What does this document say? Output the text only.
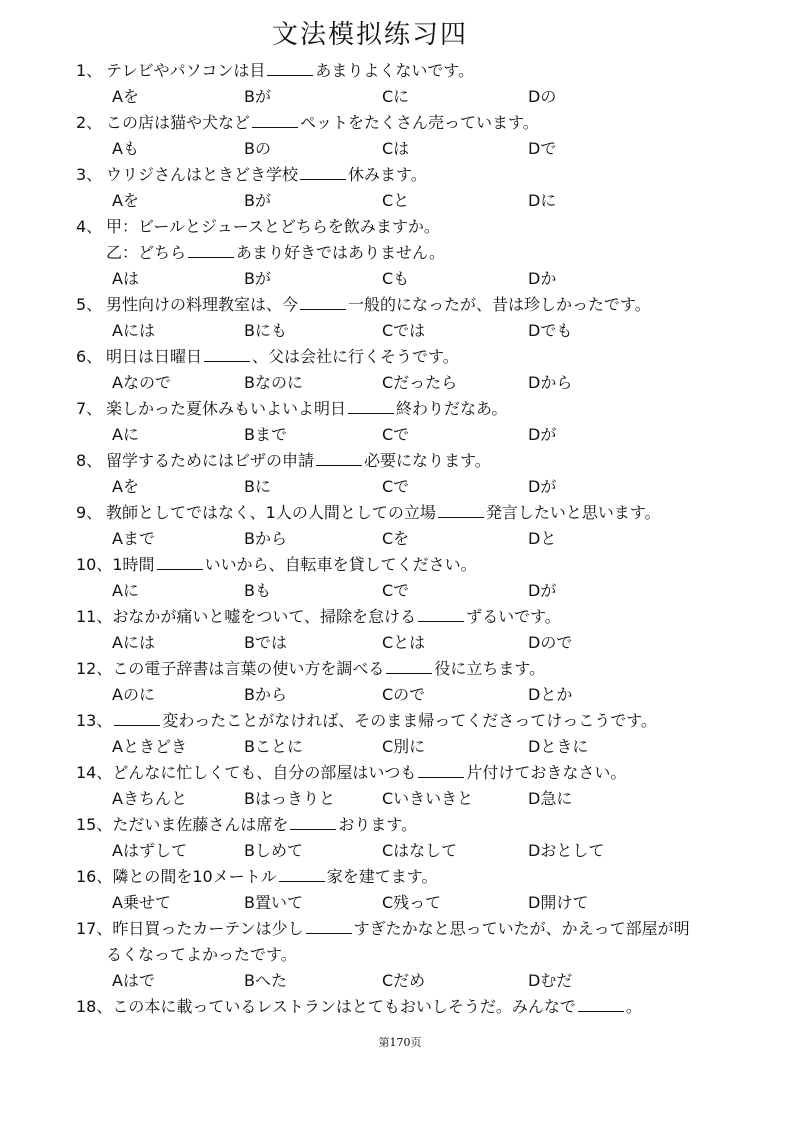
文法模拟练习四
1、 テレビやパソコンは目	あまりよくないです。
Aを	Bが	Cに	Dの
2、 この店は猫や犬など	ペットをたくさん売っています。
Aも	Bの	Cは	Dで
3、 ウリジさんはときどき学校	休みます。
Aを	Bが	Cと	Dに
4、 甲：ビールとジュースとどちらを飲みますか。
乙：どちら	あまり好きではありません。
Aは	Bが	Cも	Dか
5、 男性向けの料理教室は、今	一般的になったが、昔は珍しかったです。
Aには	Bにも	Cでは	Dでも
6、 明日は日曜日	、父は会社に行くそうです。
Aなので	Bなのに	Cだったら	Dから
7、 楽しかった夏休みもいよいよ明日	終わりだなあ。
Aに	Bまで	Cで	Dが
8、 留学するためにはビザの申請	必要になります。
Aを	Bに	Cで	Dが
9、 教師としてではなく、1人の人間としての立場	発言したいと思います。
Aまで	Bから	Cを	Dと
10、1時間	いいから、自転車を貸してください。
Aに	Bも	Cで	Dが
11、おなかが痛いと嘘をついて、掃除を怠ける	ずるいです。
Aには	Bでは	Cとは	Dので
12、この電子辞書は言葉の使い方を調べる	役に立ちます。
Aのに	Bから	Cので	Dとか
13、	変わったことがなければ、そのまま帰ってくださってけっこうです。
Aときどき	Bことに	C別に	Dときに
14、どんなに忙しくても、自分の部屋はいつも	片付けておきなさい。
Aきちんと	Bはっきりと	Cいきいきと	D急に
15、ただいま佐藤さんは席を	おります。
Aはずして	Bしめて	Cはなして	Dおとして
16、隣との間を10メートル	家を建てます。
A乗せて	B置いて	C残って	D開けて
17、昨日買ったカーテンは少し	すぎたかなと思っていたが、かえって部屋が明
るくなってよかったです。
Aはで	Bへた	Cだめ	Dむだ
18、この本に載っているレストランはとてもおいしそうだ。みんなで	。
第170页
